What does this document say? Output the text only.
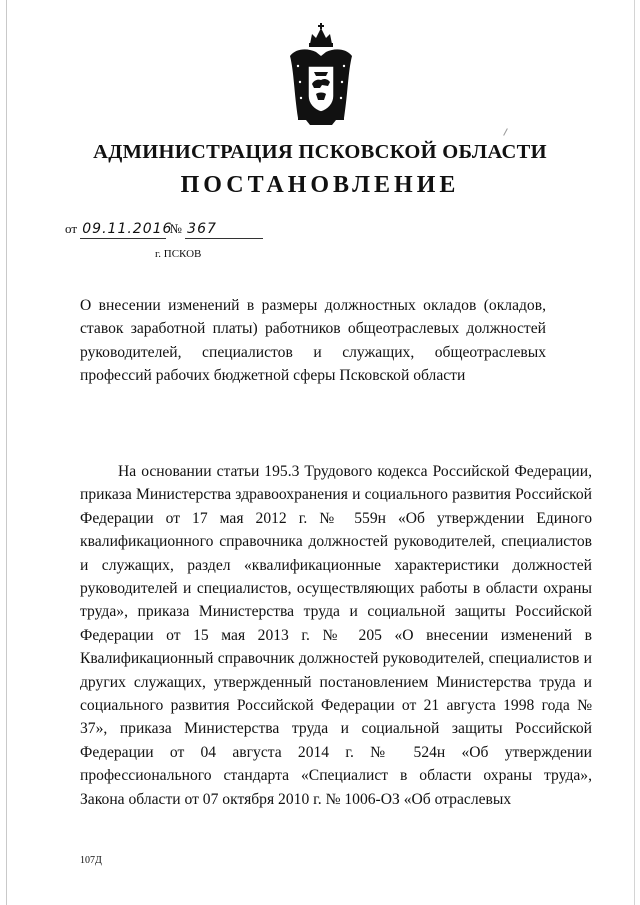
АДМИНИСТРАЦИЯ ПСКОВСКОЙ ОБЛАСТИ
ПОСТАНОВЛЕНИЕ
от 09.11.2016 № 367
г. ПСКОВ
О внесении изменений в размеры должностных окладов (окладов, ставок заработной платы) работников общеотраслевых должностей руководителей, специалистов и служащих, общеотраслевых профессий рабочих бюджетной сферы Псковской области
На основании статьи 195.3 Трудового кодекса Российской Федерации, приказа Министерства здравоохранения и социального развития Российской Федерации от 17 мая 2012 г. № 559н «Об утверждении Единого квалификационного справочника должностей руководителей, специалистов и служащих, раздел «квалификационные характеристики должностей руководителей и специалистов, осуществляющих работы в области охраны труда», приказа Министерства труда и социальной защиты Российской Федерации от 15 мая 2013 г. № 205 «О внесении изменений в Квалификационный справочник должностей руководителей, специалистов и других служащих, утвержденный постановлением Министерства труда и социального развития Российской Федерации от 21 августа 1998 года № 37», приказа Министерства труда и социальной защиты Российской Федерации от 04 августа 2014 г. № 524н «Об утверждении профессионального стандарта «Специалист в области охраны труда», Закона области от 07 октября 2010 г. № 1006-ОЗ «Об отраслевых
107Д
